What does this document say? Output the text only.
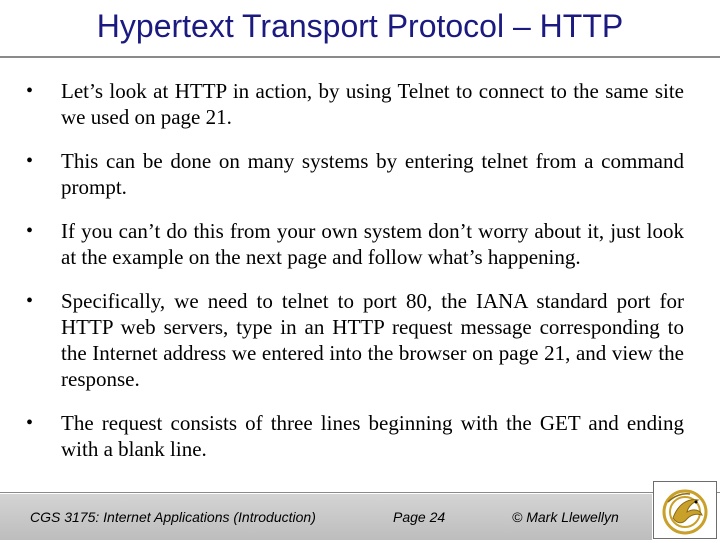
Hypertext Transport Protocol – HTTP
• Let’s look at HTTP in action, by using Telnet to connect to the same site we used on page 21.
• This can be done on many systems by entering telnet from a command prompt.
• If you can’t do this from your own system don’t worry about it, just look at the example on the next page and follow what’s happening.
• Specifically, we need to telnet to port 80, the IANA standard port for HTTP web servers, type in an HTTP request message corresponding to the Internet address we entered into the browser on page 21, and view the response.
• The request consists of three lines beginning with the GET and ending with a blank line.
CGS 3175: Internet Applications (Introduction)	Page 24	© Mark Llewellyn
